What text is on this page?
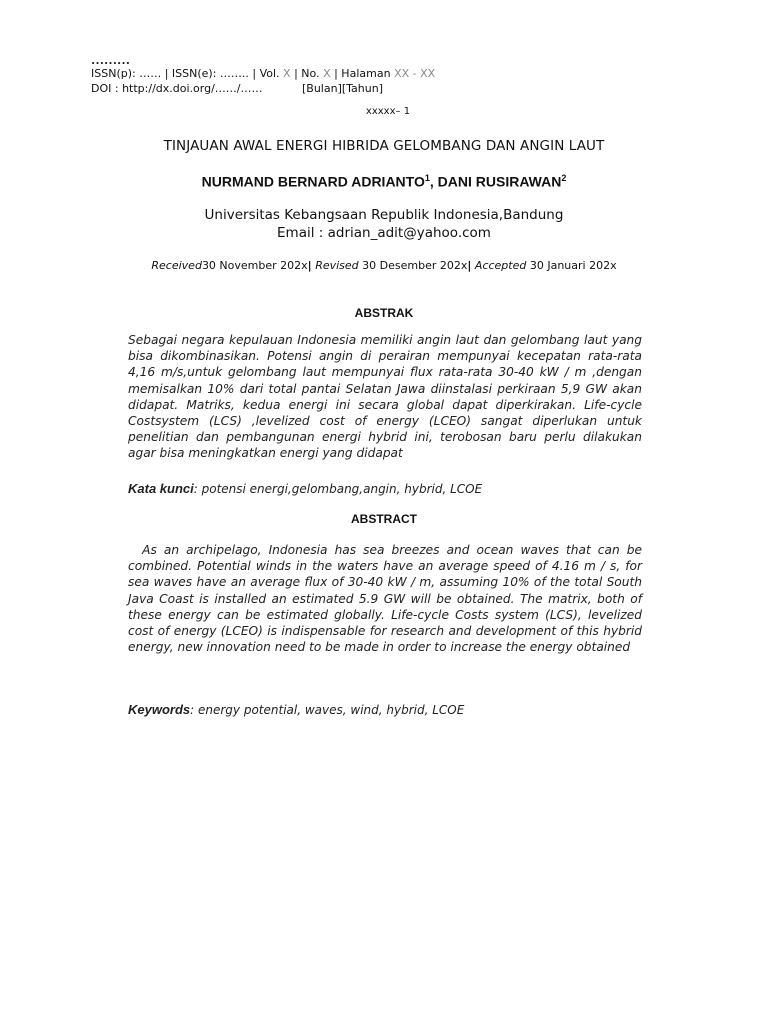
………
ISSN(p): …… | ISSN(e): …….. | Vol. X | No. X | Halaman XX - XX
DOI : http://dx.doi.org/……/……	[Bulan][Tahun]
xxxxx– 1
TINJAUAN AWAL ENERGI HIBRIDA GELOMBANG DAN ANGIN LAUT
NURMAND BERNARD ADRIANTO$^1$, DANI RUSIRAWAN$^2$
Universitas Kebangsaan Republik Indonesia,Bandung
Email : adrian_adit@yahoo.com
Received30 November 202x| Revised 30 Desember 202x| Accepted 30 Januari 202x
ABSTRAK
Sebagai negara kepulauan Indonesia memiliki angin laut dan gelombang laut yang bisa dikombinasikan. Potensi angin di perairan mempunyai kecepatan rata-rata 4,16 m/s,untuk gelombang laut mempunyai flux rata-rata 30-40 kW / m ,dengan memisalkan 10% dari total pantai Selatan Jawa diinstalasi perkiraan 5,9 GW akan didapat. Matriks, kedua energi ini secara global dapat diperkirakan. Life-cycle Costsystem (LCS) ,levelized cost of energy (LCEO) sangat diperlukan untuk penelitian dan pembangunan energi hybrid ini, terobosan baru perlu dilakukan agar bisa meningkatkan energi yang didapat
Kata kunci: potensi energi,gelombang,angin, hybrid, LCOE
ABSTRACT
As an archipelago, Indonesia has sea breezes and ocean waves that can be combined. Potential winds in the waters have an average speed of 4.16 m / s, for sea waves have an average flux of 30-40 kW / m, assuming 10% of the total South Java Coast is installed an estimated 5.9 GW will be obtained. The matrix, both of these energy can be estimated globally. Life-cycle Costs system (LCS), levelized cost of energy (LCEO) is indispensable for research and development of this hybrid energy, new innovation need to be made in order to increase the energy obtained
Keywords: energy potential, waves, wind, hybrid, LCOE
